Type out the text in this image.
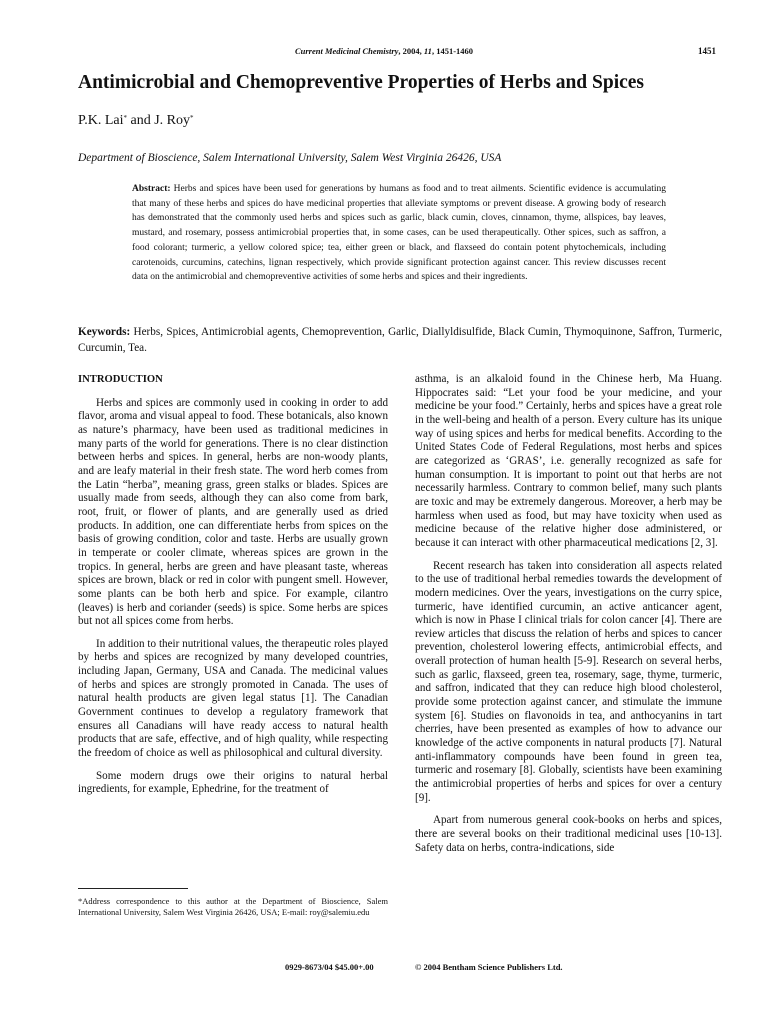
Current Medicinal Chemistry, 2004, 11, 1451-1460	1451
Antimicrobial and Chemopreventive Properties of Herbs and Spices
P.K. Lai* and J. Roy*
Department of Bioscience, Salem International University, Salem West Virginia 26426, USA

Abstract: Herbs and spices have been used for generations by humans as food and to treat ailments. Scientific evidence is accumulating that many of these herbs and spices do have medicinal properties that alleviate symptoms or prevent disease. A growing body of research has demonstrated that the commonly used herbs and spices such as garlic, black cumin, cloves, cinnamon, thyme, allspices, bay leaves, mustard, and rosemary, possess antimicrobial properties that, in some cases, can be used therapeutically. Other spices, such as saffron, a food colorant; turmeric, a yellow colored spice; tea, either green or black, and flaxseed do contain potent phytochemicals, including carotenoids, curcumins, catechins, lignan respectively, which provide significant protection against cancer. This review discusses recent data on the antimicrobial and chemopreventive activities of some herbs and spices and their ingredients.

Keywords: Herbs, Spices, Antimicrobial agents, Chemoprevention, Garlic, Diallyldisulfide, Black Cumin, Thymoquinone, Saffron, Turmeric, Curcumin, Tea.

INTRODUCTION

Herbs and spices are commonly used in cooking in order to add flavor, aroma and visual appeal to food. These botanicals, also known as nature’s pharmacy, have been used as traditional medicines in many parts of the world for generations. There is no clear distinction between herbs and spices. In general, herbs are non-woody plants, and are leafy material in their fresh state. The word herb comes from the Latin “herba”, meaning grass, green stalks or blades. Spices are usually made from seeds, although they can also come from bark, root, fruit, or flower of plants, and are generally used as dried products. In addition, one can differentiate herbs from spices on the basis of growing condition, color and taste. Herbs are usually grown in temperate or cooler climate, whereas spices are grown in the tropics. In general, herbs are green and have pleasant taste, whereas spices are brown, black or red in color with pungent smell. However, some plants can be both herb and spice. For example, cilantro (leaves) is herb and coriander (seeds) is spice. Some herbs are spices but not all spices come from herbs.

In addition to their nutritional values, the therapeutic roles played by herbs and spices are recognized by many developed countries, including Japan, Germany, USA and Canada. The medicinal values of herbs and spices are strongly promoted in Canada. The uses of natural health products are given legal status [1]. The Canadian Government continues to develop a regulatory framework that ensures all Canadians will have ready access to natural health products that are safe, effective, and of high quality, while respecting the freedom of choice as well as philosophical and cultural diversity.

Some modern drugs owe their origins to natural herbal ingredients, for example, Ephedrine, for the treatment of

asthma, is an alkaloid found in the Chinese herb, Ma Huang. Hippocrates said: “Let your food be your medicine, and your medicine be your food.” Certainly, herbs and spices have a great role in the well-being and health of a person. Every culture has its unique way of using spices and herbs for medical benefits. According to the United States Code of Federal Regulations, most herbs and spices are categorized as ‘GRAS’, i.e. generally recognized as safe for human consumption. It is important to point out that herbs are not necessarily harmless. Contrary to common belief, many such plants are toxic and may be extremely dangerous. Moreover, a herb may be harmless when used as food, but may have toxicity when used as medicine because of the relative higher dose administered, or because it can interact with other pharmaceutical medications [2, 3].

Recent research has taken into consideration all aspects related to the use of traditional herbal remedies towards the development of modern medicines. Over the years, investigations on the curry spice, turmeric, have identified curcumin, an active anticancer agent, which is now in Phase I clinical trials for colon cancer [4]. There are review articles that discuss the relation of herbs and spices to cancer prevention, cholesterol lowering effects, antimicrobial effects, and overall protection of human health [5-9]. Research on several herbs, such as garlic, flaxseed, green tea, rosemary, sage, thyme, turmeric, and saffron, indicated that they can reduce high blood cholesterol, provide some protection against cancer, and stimulate the immune system [6]. Studies on flavonoids in tea, and anthocyanins in tart cherries, have been presented as examples of how to advance our knowledge of the active components in natural products [7]. Natural anti-inflammatory compounds have been found in green tea, turmeric and rosemary [8]. Globally, scientists have been examining the antimicrobial properties of herbs and spices for over a century [9].

Apart from numerous general cook-books on herbs and spices, there are several books on their traditional medicinal uses [10-13]. Safety data on herbs, contra-indications, side

*Address correspondence to this author at the Department of Bioscience, Salem International University, Salem West Virginia 26426, USA; E-mail: roy@salemiu.edu

0929-8673/04 $45.00+.00	© 2004 Bentham Science Publishers Ltd.
